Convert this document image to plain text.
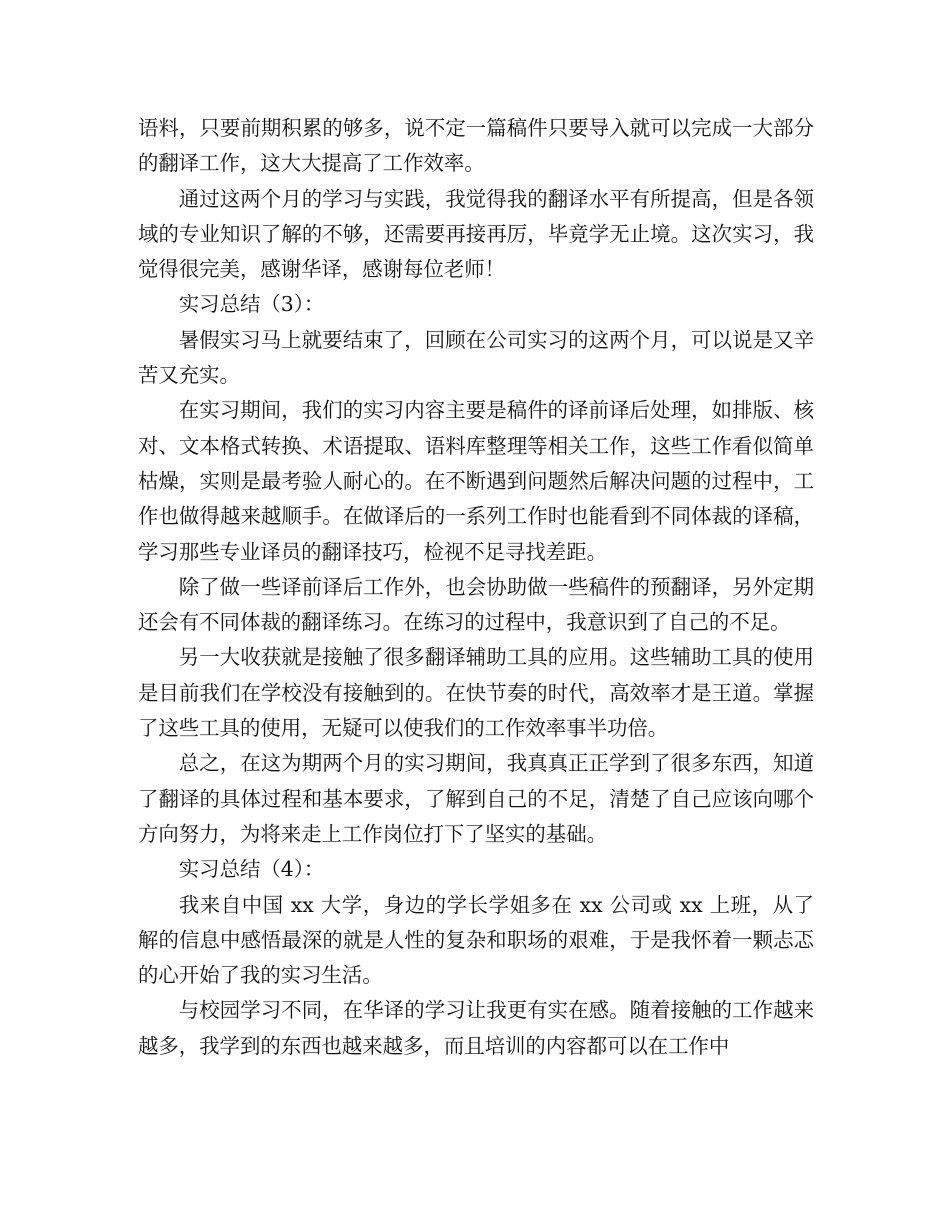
语料，只要前期积累的够多，说不定一篇稿件只要导入就可以完成一大部分的翻译工作，这大大提高了工作效率。

通过这两个月的学习与实践，我觉得我的翻译水平有所提高，但是各领域的专业知识了解的不够，还需要再接再厉，毕竟学无止境。这次实习，我觉得很完美，感谢华译，感谢每位老师！

实习总结（3）：

暑假实习马上就要结束了，回顾在公司实习的这两个月，可以说是又辛苦又充实。

在实习期间，我们的实习内容主要是稿件的译前译后处理，如排版、核对、文本格式转换、术语提取、语料库整理等相关工作，这些工作看似简单枯燥，实则是最考验人耐心的。在不断遇到问题然后解决问题的过程中，工作也做得越来越顺手。在做译后的一系列工作时也能看到不同体裁的译稿，学习那些专业译员的翻译技巧，检视不足寻找差距。

除了做一些译前译后工作外，也会协助做一些稿件的预翻译，另外定期还会有不同体裁的翻译练习。在练习的过程中，我意识到了自己的不足。

另一大收获就是接触了很多翻译辅助工具的应用。这些辅助工具的使用是目前我们在学校没有接触到的。在快节奏的时代，高效率才是王道。掌握了这些工具的使用，无疑可以使我们的工作效率事半功倍。

总之，在这为期两个月的实习期间，我真真正正学到了很多东西，知道了翻译的具体过程和基本要求，了解到自己的不足，清楚了自己应该向哪个方向努力，为将来走上工作岗位打下了坚实的基础。

实习总结（4）：

我来自中国 xx 大学，身边的学长学姐多在 xx 公司或 xx 上班，从了解的信息中感悟最深的就是人性的复杂和职场的艰难，于是我怀着一颗忐忑的心开始了我的实习生活。

与校园学习不同，在华译的学习让我更有实在感。随着接触的工作越来越多，我学到的东西也越来越多，而且培训的内容都可以在工作中
